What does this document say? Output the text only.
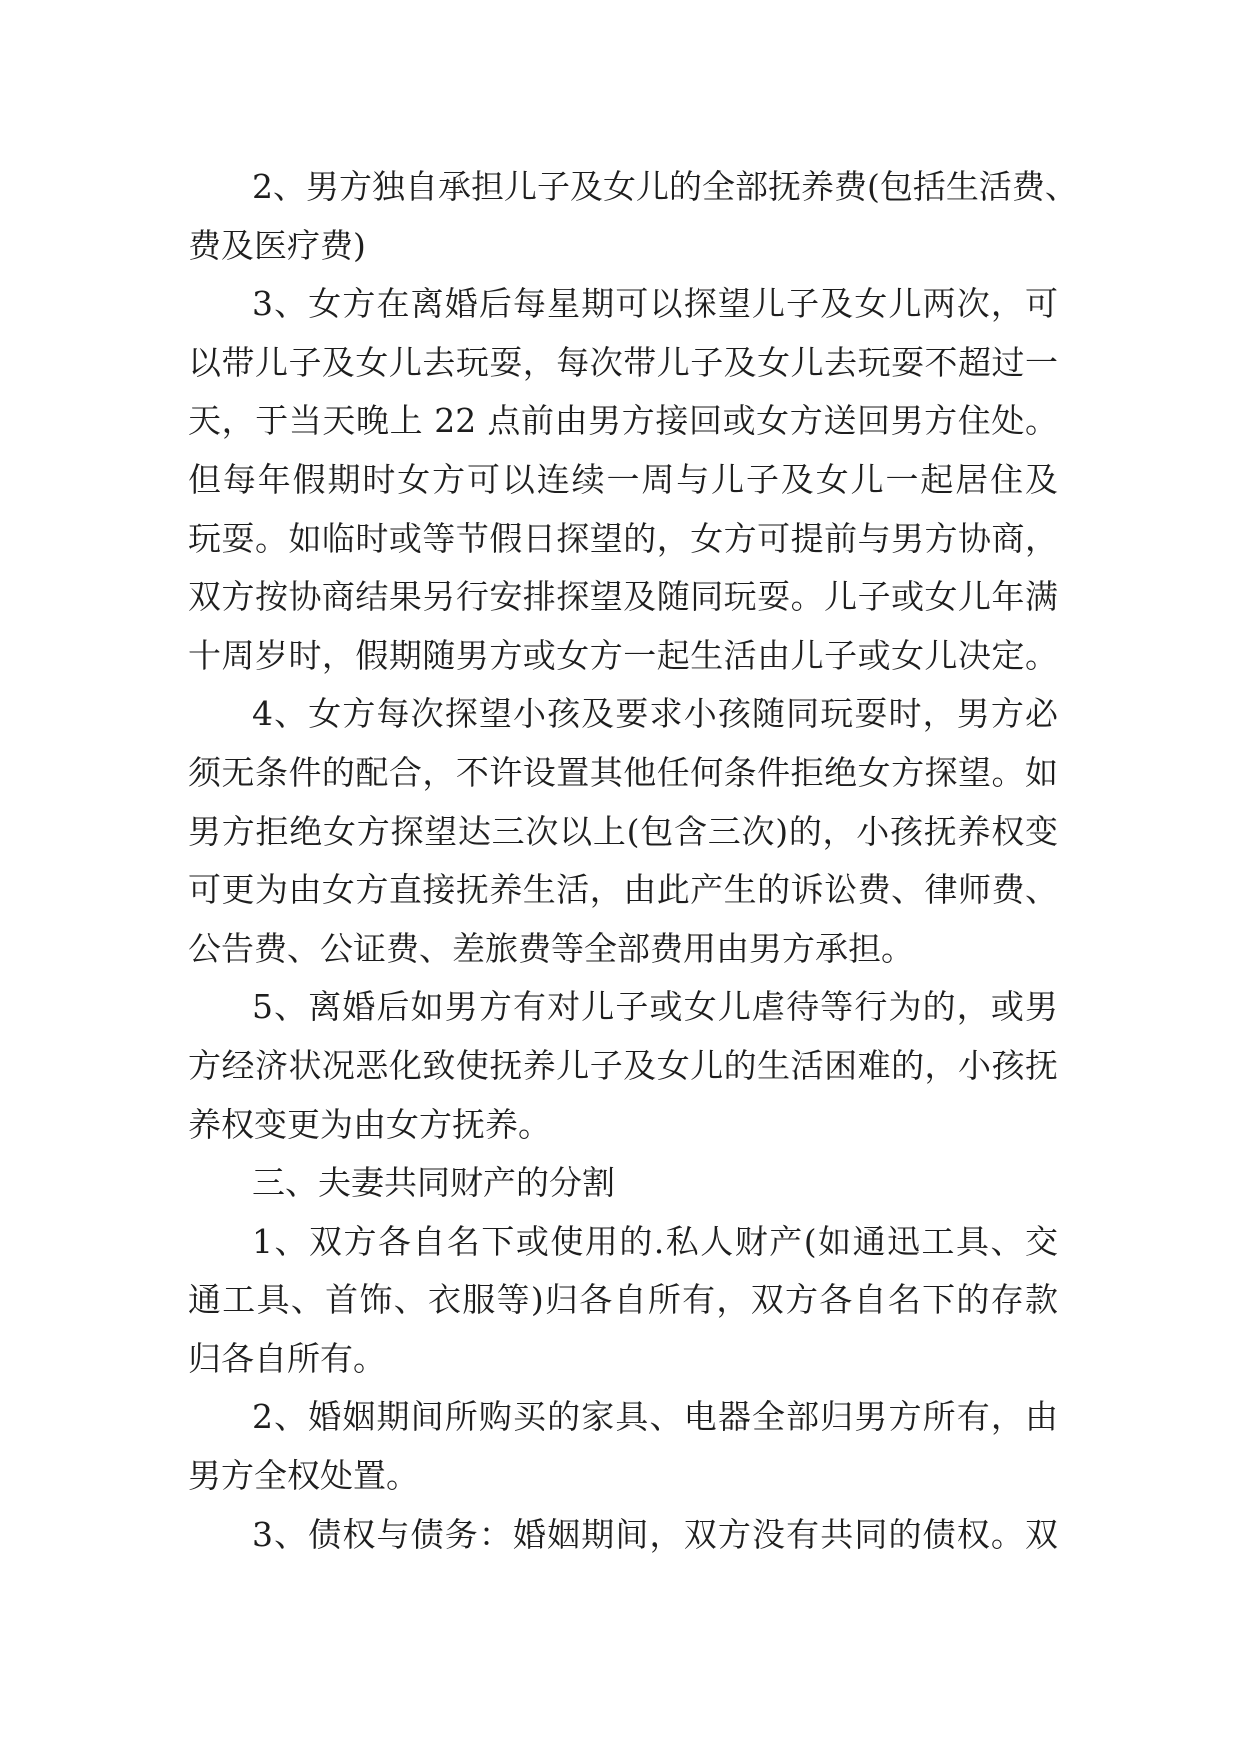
2、男方独自承担儿子及女儿的全部抚养费(包括生活费、
费及医疗费)
3、女方在离婚后每星期可以探望儿子及女儿两次，可
以带儿子及女儿去玩耍，每次带儿子及女儿去玩耍不超过一
天，于当天晚上 22 点前由男方接回或女方送回男方住处。
但每年假期时女方可以连续一周与儿子及女儿一起居住及
玩耍。如临时或等节假日探望的，女方可提前与男方协商，
双方按协商结果另行安排探望及随同玩耍。儿子或女儿年满
十周岁时，假期随男方或女方一起生活由儿子或女儿决定。
4、女方每次探望小孩及要求小孩随同玩耍时，男方必
须无条件的配合，不许设置其他任何条件拒绝女方探望。如
男方拒绝女方探望达三次以上(包含三次)的，小孩抚养权变
可更为由女方直接抚养生活，由此产生的诉讼费、律师费、
公告费、公证费、差旅费等全部费用由男方承担。
5、离婚后如男方有对儿子或女儿虐待等行为的，或男
方经济状况恶化致使抚养儿子及女儿的生活困难的，小孩抚
养权变更为由女方抚养。
三、夫妻共同财产的分割
1、双方各自名下或使用的.私人财产(如通迅工具、交
通工具、首饰、衣服等)归各自所有，双方各自名下的存款
归各自所有。
2、婚姻期间所购买的家具、电器全部归男方所有，由
男方全权处置。
3、债权与债务：婚姻期间，双方没有共同的债权。双
